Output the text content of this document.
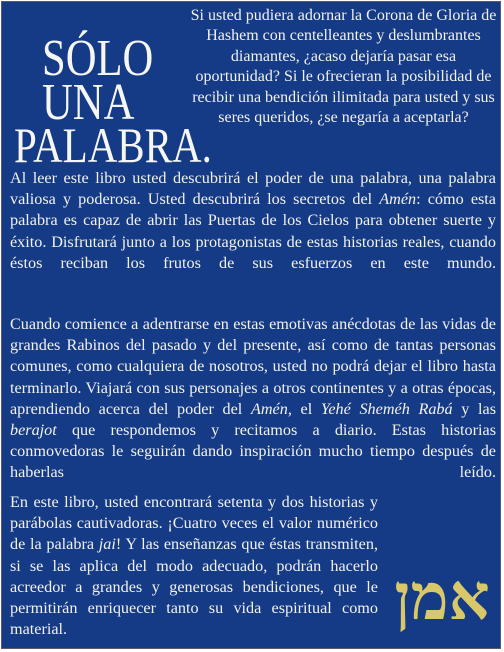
SÓLO
UNA
PALABRA.
Si usted pudiera adornar la Corona de Gloria de Hashem con centelleantes y deslumbrantes diamantes, ¿acaso dejaría pasar esa oportunidad? Si le ofrecieran la posibilidad de recibir una bendición ilimitada para usted y sus seres queridos, ¿se negaría a aceptarla?
Al leer este libro usted descubrirá el poder de una palabra, una palabra valiosa y poderosa. Usted descubrirá los secretos del Amén: cómo esta palabra es capaz de abrir las Puertas de los Cielos para obtener suerte y éxito. Disfrutará junto a los protagonistas de estas historias reales, cuando éstos reciban los frutos de sus esfuerzos en este mundo.
Cuando comience a adentrarse en estas emotivas anécdotas de las vidas de grandes Rabinos del pasado y del presente, así como de tantas personas comunes, como cualquiera de nosotros, usted no podrá dejar el libro hasta terminarlo. Viajará con sus personajes a otros continentes y a otras épocas, aprendiendo acerca del poder del Amén, el Yehé Sheméh Rabá y las berajot que respondemos y recitamos a diario. Estas historias conmovedoras le seguirán dando inspiración mucho tiempo después de haberlas leído.
En este libro, usted encontrará setenta y dos historias y parábolas cautivadoras. ¡Cuatro veces el valor numérico de la palabra jai! Y las enseñanzas que éstas transmiten, si se las aplica del modo adecuado, podrán hacerlo acreedor a grandes y generosas bendiciones, que le permitirán enriquecer tanto su vida espiritual como material.	אמן
